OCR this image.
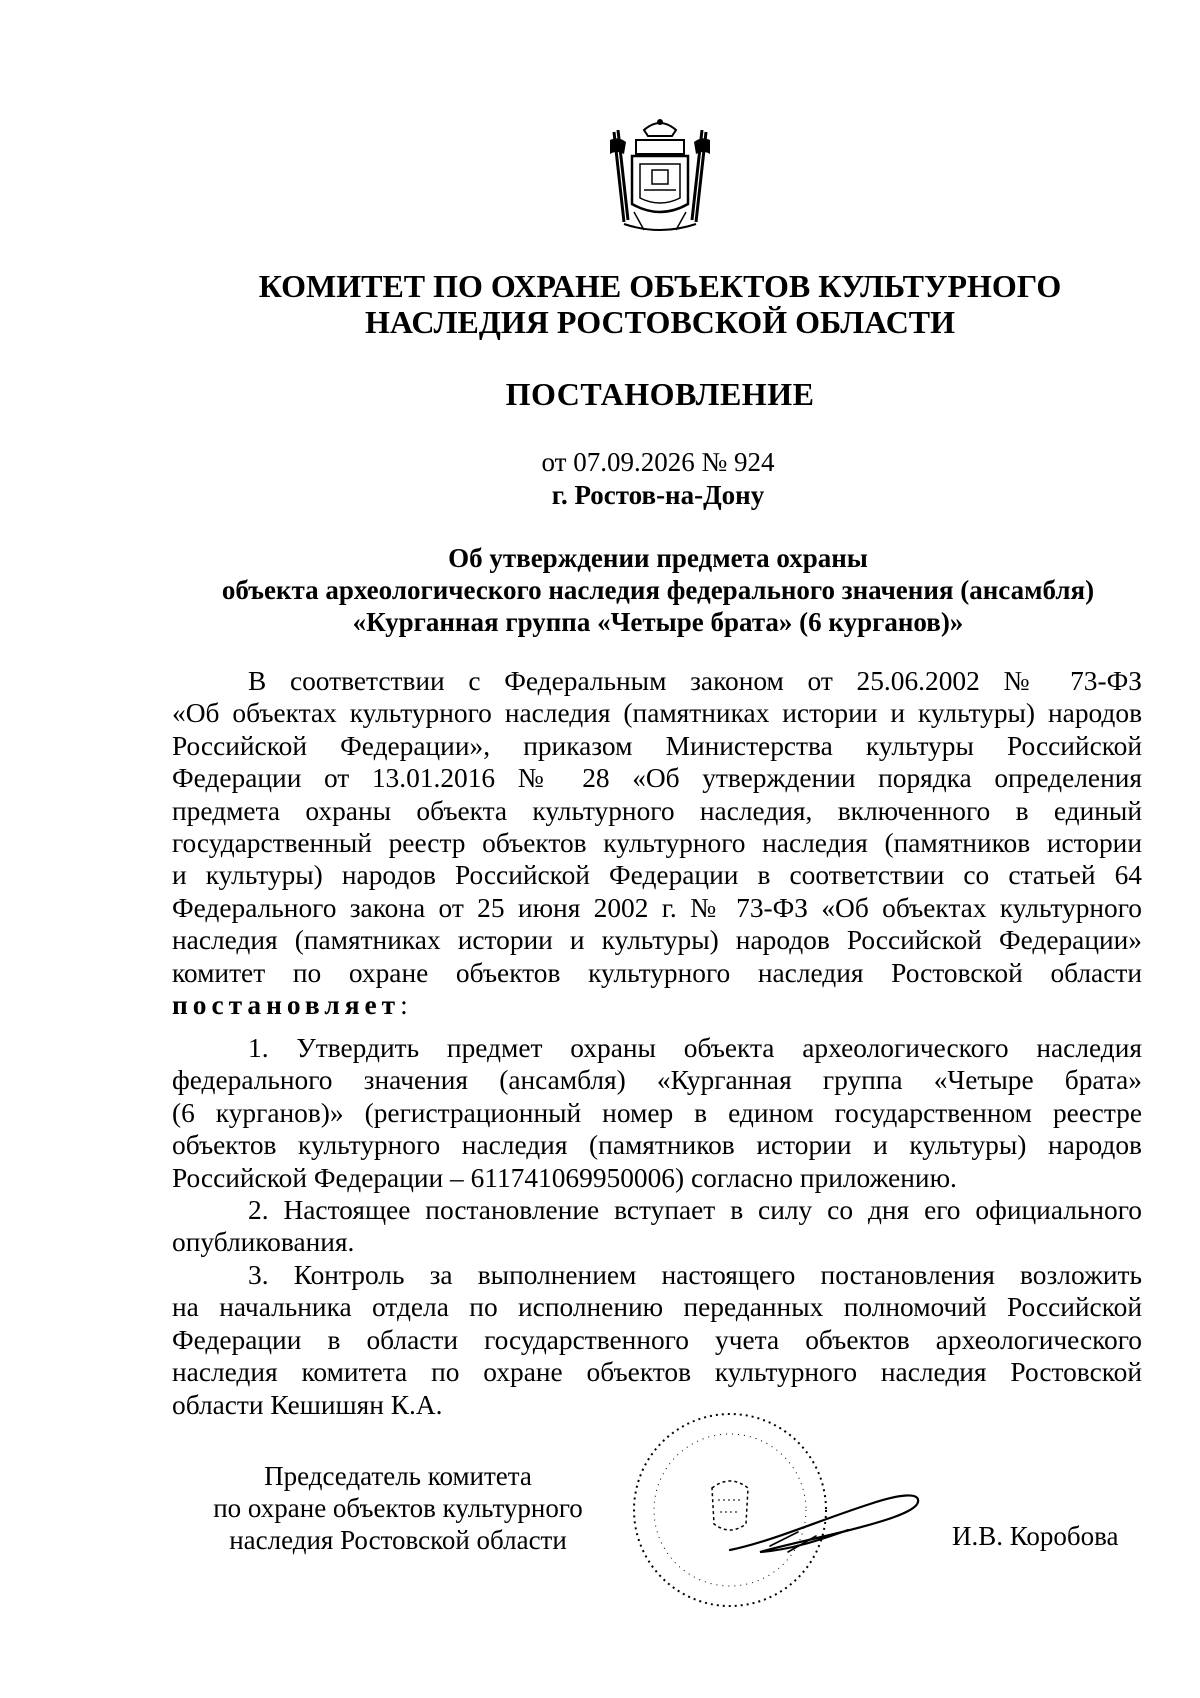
КОМИТЕТ ПО ОХРАНЕ ОБЪЕКТОВ КУЛЬТУРНОГО
НАСЛЕДИЯ РОСТОВСКОЙ ОБЛАСТИ
ПОСТАНОВЛЕНИЕ
от 07.09.2026 № 924
г. Ростов-на-Дону
Об утверждении предмета охраны
объекта археологического наследия федерального значения (ансамбля)
«Курганная группа «Четыре брата» (6 курганов)»
В соответствии с Федеральным законом от 25.06.2002 № 73-ФЗ
«Об объектах культурного наследия (памятниках истории и культуры) народов
Российской Федерации», приказом Министерства культуры Российской
Федерации от 13.01.2016 № 28 «Об утверждении порядка определения
предмета охраны объекта культурного наследия, включенного в единый
государственный реестр объектов культурного наследия (памятников истории
и культуры) народов Российской Федерации в соответствии со статьей 64
Федерального закона от 25 июня 2002 г. № 73-ФЗ «Об объектах культурного
наследия (памятниках истории и культуры) народов Российской Федерации»
комитет по охране объектов культурного наследия Ростовской области
постановляет:
1. Утвердить предмет охраны объекта археологического наследия
федерального значения (ансамбля) «Курганная группа «Четыре брата»
(6 курганов)» (регистрационный номер в едином государственном реестре
объектов культурного наследия (памятников истории и культуры) народов
Российской Федерации – 611741069950006) согласно приложению.
2. Настоящее постановление вступает в силу со дня его официального
опубликования.
3. Контроль за выполнением настоящего постановления возложить
на начальника отдела по исполнению переданных полномочий Российской
Федерации в области государственного учета объектов археологического
наследия комитета по охране объектов культурного наследия Ростовской
области Кешишян К.А.
Председатель комитета
по охране объектов культурного
наследия Ростовской области	И.В. Коробова
